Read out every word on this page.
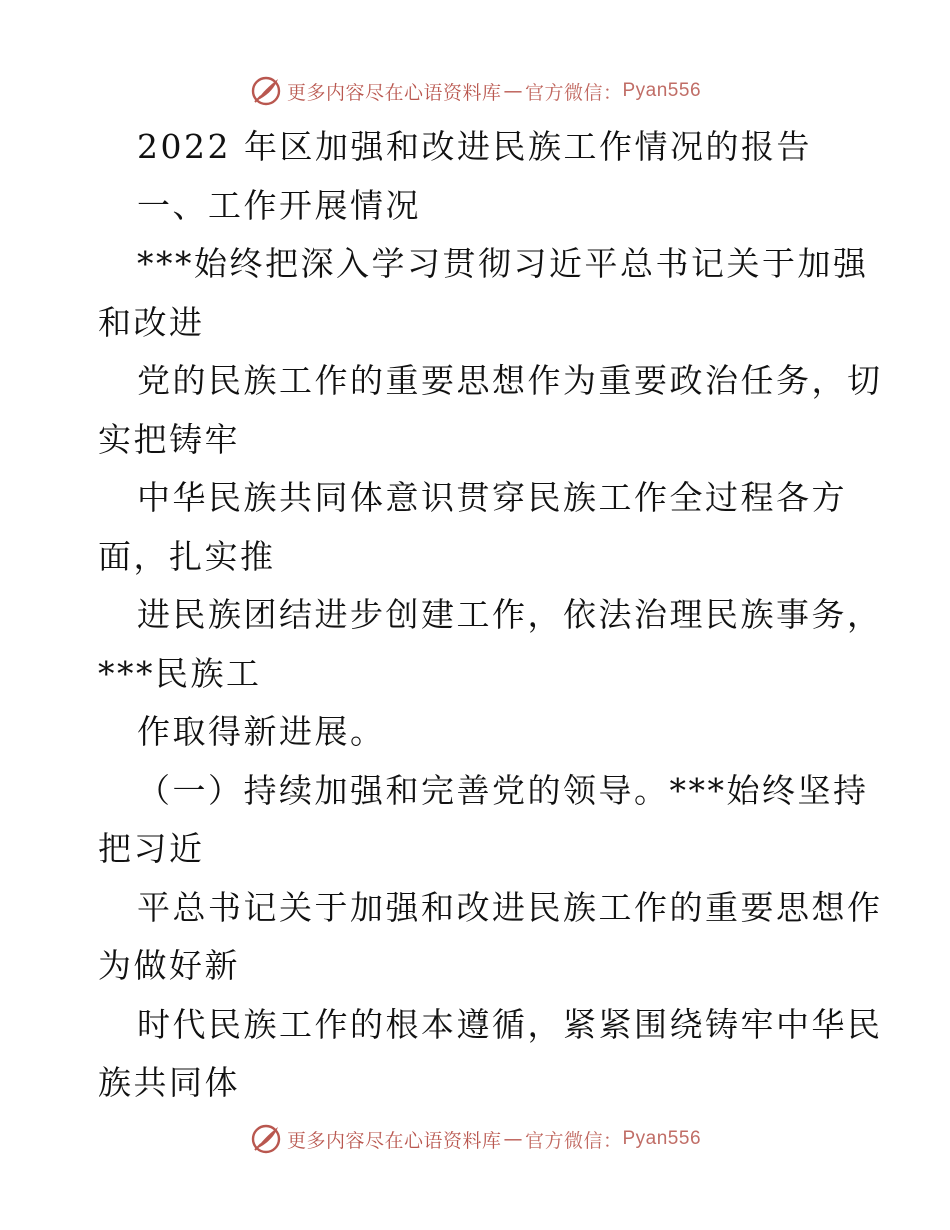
更多内容尽在心语资料库 — 官方微信： Pyan556
2022 年区加强和改进民族工作情况的报告
一、工作开展情况
***始终把深入学习贯彻习近平总书记关于加强
和改进
党的民族工作的重要思想作为重要政治任务，切
实把铸牢
中华民族共同体意识贯穿民族工作全过程各方
面，扎实推
进民族团结进步创建工作，依法治理民族事务，
***民族工
作取得新进展。
（一）持续加强和完善党的领导。***始终坚持
把习近
平总书记关于加强和改进民族工作的重要思想作
为做好新
时代民族工作的根本遵循，紧紧围绕铸牢中华民
族共同体
更多内容尽在心语资料库 — 官方微信： Pyan556
